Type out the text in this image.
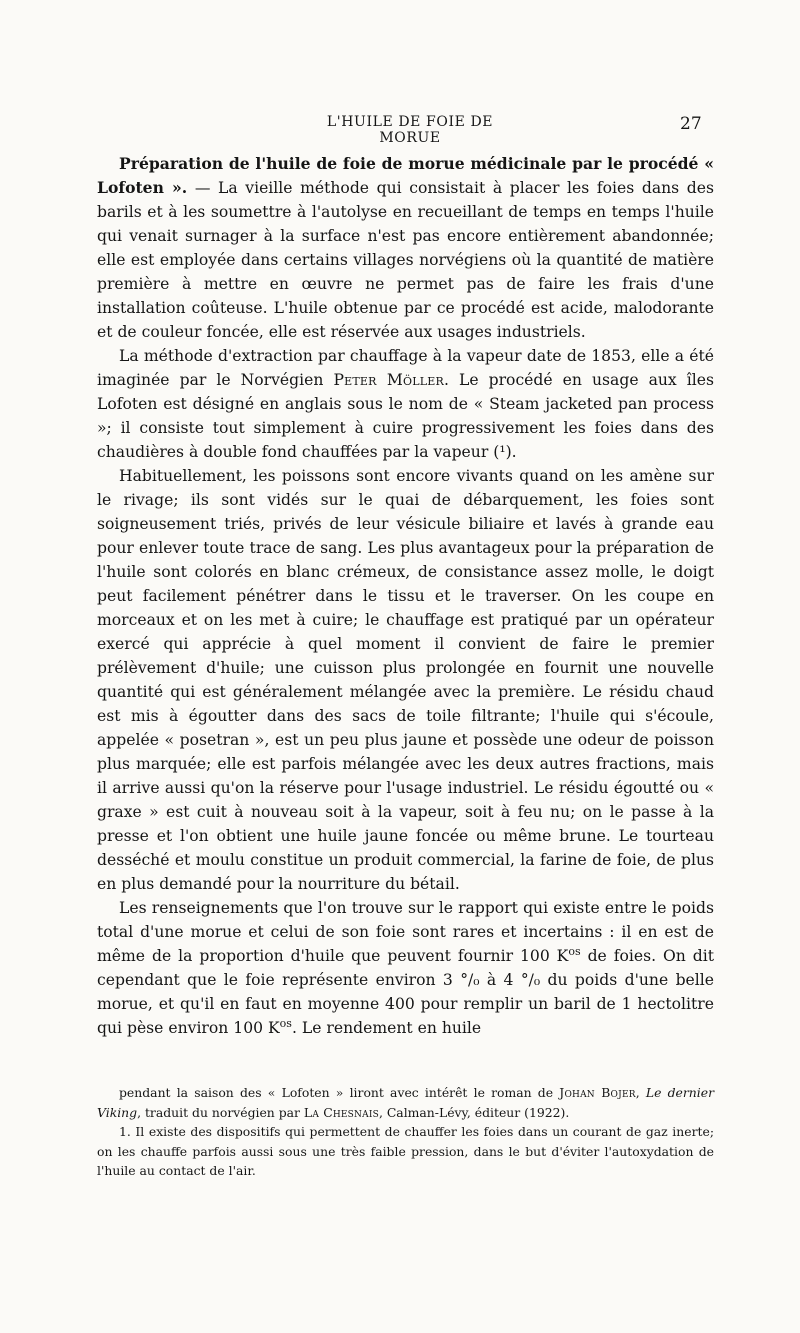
L'HUILE DE FOIE DE MORUE
27

Préparation de l'huile de foie de morue médicinale par le procédé « Lofoten ». — La vieille méthode qui consistait à placer les foies dans des barils et à les soumettre à l'autolyse en recueillant de temps en temps l'huile qui venait surnager à la surface n'est pas encore entièrement abandonnée; elle est employée dans certains villages norvégiens où la quantité de matière première à mettre en œuvre ne permet pas de faire les frais d'une installation coûteuse. L'huile obtenue par ce procédé est acide, malodorante et de couleur foncée, elle est réservée aux usages industriels.

La méthode d'extraction par chauffage à la vapeur date de 1853, elle a été imaginée par le Norvégien Peter Möller. Le procédé en usage aux îles Lofoten est désigné en anglais sous le nom de « Steam jacketed pan process »; il consiste tout simplement à cuire progressivement les foies dans des chaudières à double fond chauffées par la vapeur (¹).

Habituellement, les poissons sont encore vivants quand on les amène sur le rivage; ils sont vidés sur le quai de débarquement, les foies sont soigneusement triés, privés de leur vésicule biliaire et lavés à grande eau pour enlever toute trace de sang. Les plus avantageux pour la préparation de l'huile sont colorés en blanc crémeux, de consistance assez molle, le doigt peut facilement pénétrer dans le tissu et le traverser. On les coupe en morceaux et on les met à cuire; le chauffage est pratiqué par un opérateur exercé qui apprécie à quel moment il convient de faire le premier prélèvement d'huile; une cuisson plus prolongée en fournit une nouvelle quantité qui est généralement mélangée avec la première. Le résidu chaud est mis à égoutter dans des sacs de toile filtrante; l'huile qui s'écoule, appelée « posetran », est un peu plus jaune et possède une odeur de poisson plus marquée; elle est parfois mélangée avec les deux autres fractions, mais il arrive aussi qu'on la réserve pour l'usage industriel. Le résidu égoutté ou « graxe » est cuit à nouveau soit à la vapeur, soit à feu nu; on le passe à la presse et l'on obtient une huile jaune foncée ou même brune. Le tourteau desséché et moulu constitue un produit commercial, la farine de foie, de plus en plus demandé pour la nourriture du bétail.

Les renseignements que l'on trouve sur le rapport qui existe entre le poids total d'une morue et celui de son foie sont rares et incertains : il en est de même de la proportion d'huile que peuvent fournir 100 $K^{os}$ de foies. On dit cependant que le foie représente environ 3 °/₀ à 4 °/₀ du poids d'une belle morue, et qu'il en faut en moyenne 400 pour remplir un baril de 1 hectolitre qui pèse environ 100 $K^{os}$. Le rendement en huile

pendant la saison des « Lofoten » liront avec intérêt le roman de Johan Bojer, Le dernier Viking, traduit du norvégien par La Chesnais, Calman-Lévy, éditeur (1922).

1. Il existe des dispositifs qui permettent de chauffer les foies dans un courant de gaz inerte; on les chauffe parfois aussi sous une très faible pression, dans le but d'éviter l'autoxydation de l'huile au contact de l'air.
